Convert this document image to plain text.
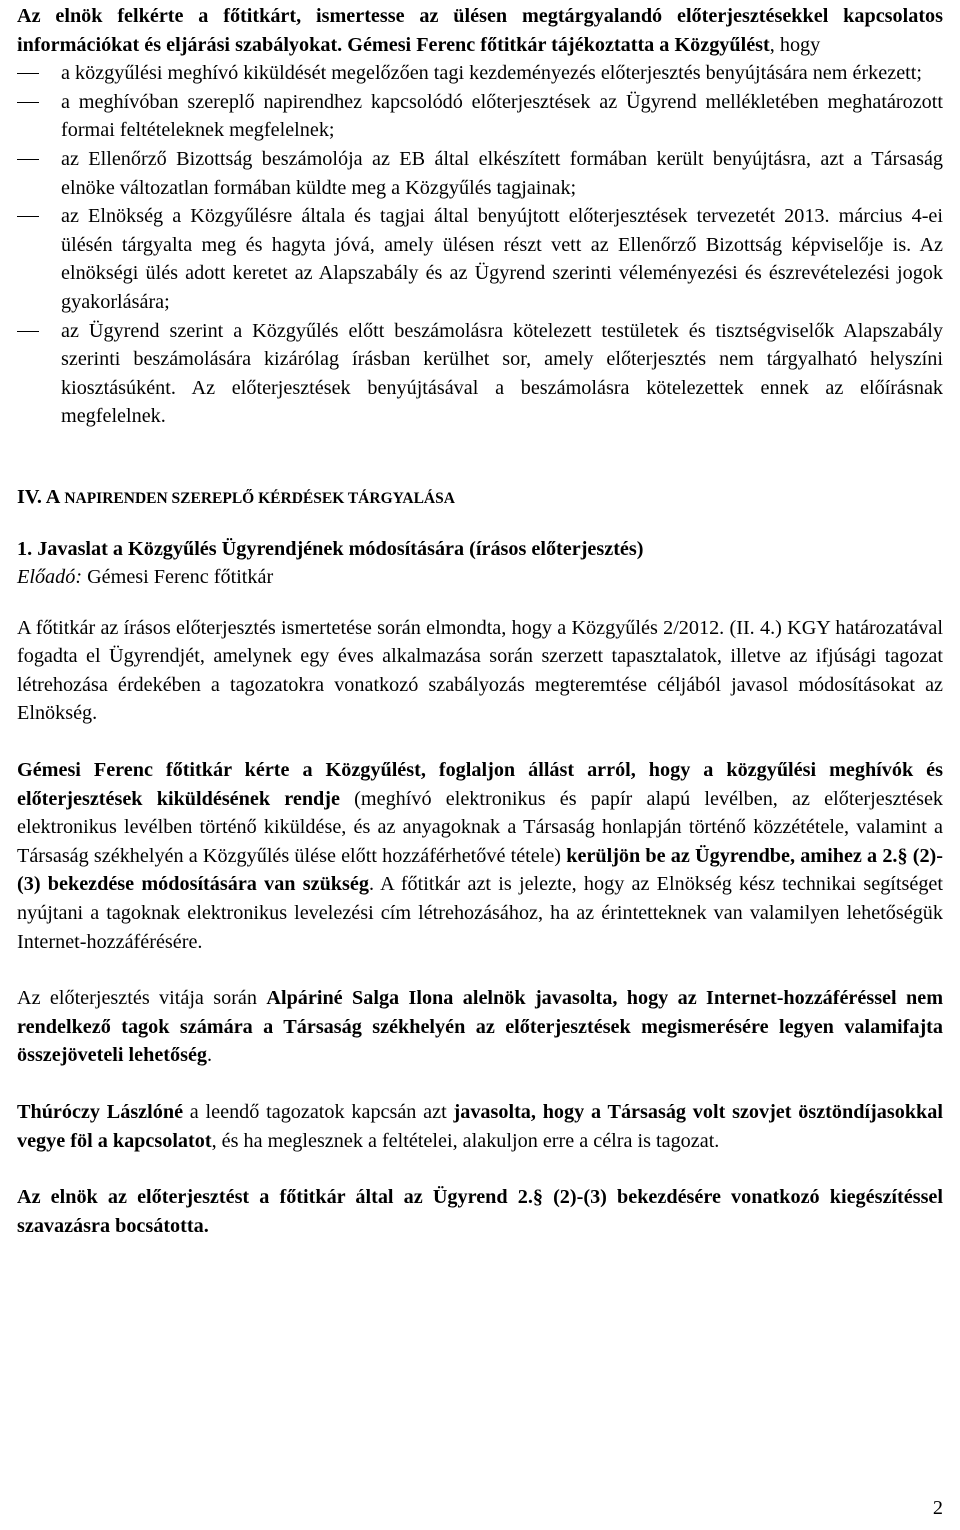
Az elnök felkérte a főtitkárt, ismertesse az ülésen megtárgyalandó előterjesztésekkel kapcsolatos információkat és eljárási szabályokat. Gémesi Ferenc főtitkár tájékoztatta a Közgyűlést, hogy

a közgyűlési meghívó kiküldését megelőzően tagi kezdeményezés előterjesztés benyújtására nem érkezett;
a meghívóban szereplő napirendhez kapcsolódó előterjesztések az Ügyrend mellékletében meghatározott formai feltételeknek megfelelnek;
az Ellenőrző Bizottság beszámolója az EB által elkészített formában került benyújtásra, azt a Társaság elnöke változatlan formában küldte meg a Közgyűlés tagjainak;
az Elnökség a Közgyűlésre általa és tagjai által benyújtott előterjesztések tervezetét 2013. március 4-ei ülésén tárgyalta meg és hagyta jóvá, amely ülésen részt vett az Ellenőrző Bizottság képviselője is. Az elnökségi ülés adott keretet az Alapszabály és az Ügyrend szerinti véleményezési és észrevételezési jogok gyakorlására;
az Ügyrend szerint a Közgyűlés előtt beszámolásra kötelezett testületek és tisztségviselők Alapszabály szerinti beszámolására kizárólag írásban kerülhet sor, amely előterjesztés nem tárgyalható helyszíni kiosztásúként. Az előterjesztések benyújtásával a beszámolásra kötelezettek ennek az előírásnak megfelelnek.

IV. A NAPIRENDEN SZEREPLŐ KÉRDÉSEK TÁRGYALÁSA

1. Javaslat a Közgyűlés Ügyrendjének módosítására (írásos előterjesztés)

Előadó: Gémesi Ferenc főtitkár

A főtitkár az írásos előterjesztés ismertetése során elmondta, hogy a Közgyűlés 2/2012. (II. 4.) KGY határozatával fogadta el Ügyrendjét, amelynek egy éves alkalmazása során szerzett tapasztalatok, illetve az ifjúsági tagozat létrehozása érdekében a tagozatokra vonatkozó szabályozás megteremtése céljából javasol módosításokat az Elnökség.

Gémesi Ferenc főtitkár kérte a Közgyűlést, foglaljon állást arról, hogy a közgyűlési meghívók és előterjesztések kiküldésének rendje (meghívó elektronikus és papír alapú levélben, az előterjesztések elektronikus levélben történő kiküldése, és az anyagoknak a Társaság honlapján történő közzététele, valamint a Társaság székhelyén a Közgyűlés ülése előtt hozzáférhetővé tétele) kerüljön be az Ügyrendbe, amihez a 2.§ (2)-(3) bekezdése módosítására van szükség. A főtitkár azt is jelezte, hogy az Elnökség kész technikai segítséget nyújtani a tagoknak elektronikus levelezési cím létrehozásához, ha az érintetteknek van valamilyen lehetőségük Internet-hozzáférésére.

Az előterjesztés vitája során Alpáriné Salga Ilona alelnök javasolta, hogy az Internet-hozzáféréssel nem rendelkező tagok számára a Társaság székhelyén az előterjesztések megismerésére legyen valamifajta összejöveteli lehetőség.

Thúróczy Lászlóné a leendő tagozatok kapcsán azt javasolta, hogy a Társaság volt szovjet ösztöndíjasokkal vegye föl a kapcsolatot, és ha meglesznek a feltételei, alakuljon erre a célra is tagozat.

Az elnök az előterjesztést a főtitkár által az Ügyrend 2.§ (2)-(3) bekezdésére vonatkozó kiegészítéssel szavazásra bocsátotta.

2
